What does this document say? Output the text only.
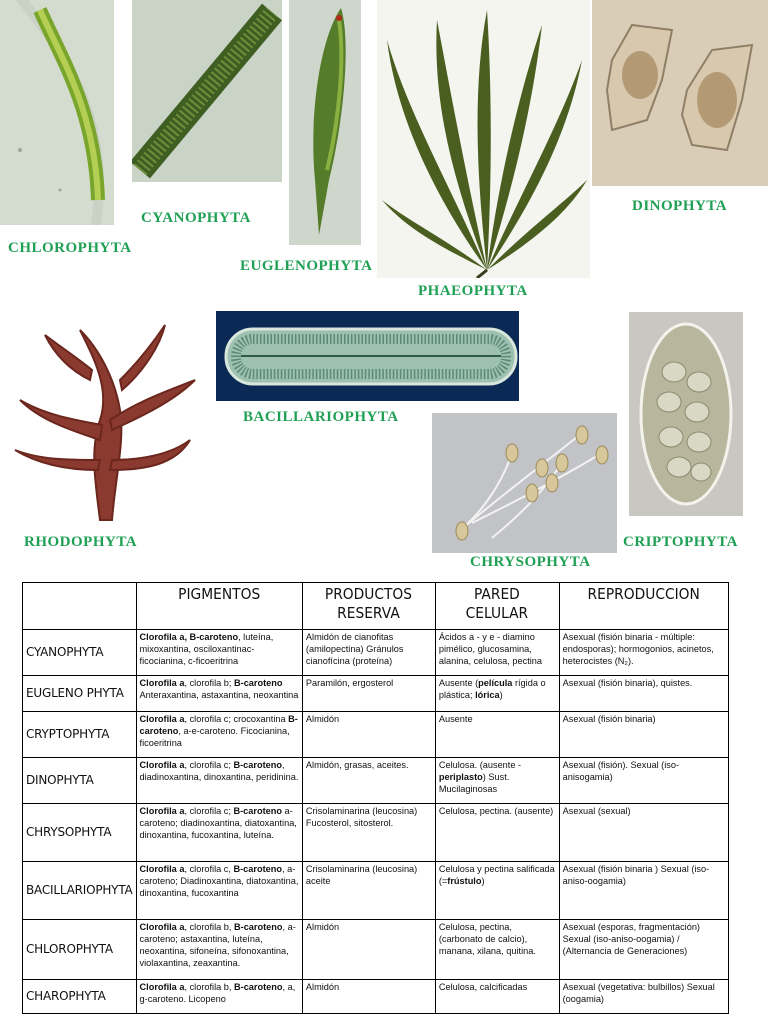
CHLOROPHYTA
CYANOPHYTA
EUGLENOPHYTA
PHAEOPHYTA
DINOPHYTA
RHODOPHYTA
BACILLARIOPHYTA
CHRYSOPHYTA
CRIPTOPHYTA
	PIGMENTOS	PRODUCTOS RESERVA	PARED CELULAR	REPRODUCCION
CYANOPHYTA	Clorofila a, B-caroteno, luteína, mixoxantina, osciloxantinac-ficocianina, c-ficoeritrina	Almidón de cianofitas (amilopectina) Gránulos cianofícina (proteína)	Ácidos a - y e - diamino pimélico, glucosamina, alanina, celulosa, pectina	Asexual (fisión binaria - múltiple: endosporas); hormogonios, acinetos, heterocistes (N₂).
EUGLENO PHYTA	Clorofila a, clorofila b; B-caroteno Anteraxantina, astaxantina, neoxantina	Paramilón, ergosterol	Ausente (película rígida o plástica; lórica)	Asexual (fisión binaria), quistes.
CRYPTOPHYTA	Clorofila a, clorofila c; crocoxantina B-caroteno, a-e-caroteno. Ficocianina, ficoeritrina	Almidón	Ausente	Asexual (fisión binaria)
DINOPHYTA	Clorofila a, clorofila c; B-caroteno, diadinoxantina, dinoxantina, peridinina.	Almidón, grasas, aceites.	Celulosa. (ausente - periplasto) Sust. Mucilaginosas	Asexual (fisión). Sexual (iso-anisogamia)
CHRYSOPHYTA	Clorofila a, clorofila c; B-caroteno a-caroteno; diadinoxantina, diatoxantina, dinoxantina, fucoxantina, luteína.	Crisolaminarina (leucosina) Fucosterol, sitosterol.	Celulosa, pectina. (ausente)	Asexual (sexual)
BACILLARIOPHYTA	Clorofila a, clorofila c, B-caroteno, a-caroteno; Diadinoxantina, diatoxantina, dinoxantina, fucoxantina	Crisolaminarina (leucosina) aceite	Celulosa y pectina salificada (=frústulo)	Asexual (fisión binaria ) Sexual (iso-aniso-oogamia)
CHLOROPHYTA	Clorofila a, clorofila b, B-caroteno, a-caroteno; astaxantina, luteína, neoxantina, sifoneína, sifonoxantina, violaxantina, zeaxantina.	Almidón	Celulosa, pectina, (carbonato de calcio), manana, xilana, quitina.	Asexual (esporas, fragmentación) Sexual (iso-aniso-oogamia) / (Alternancia de Generaciones)
CHAROPHYTA	Clorofila a, clorofila b, B-caroteno, a, g-caroteno. Licopeno	Almidón	Celulosa, calcificadas	Asexual (vegetativa: bulbillos) Sexual (oogamia)
